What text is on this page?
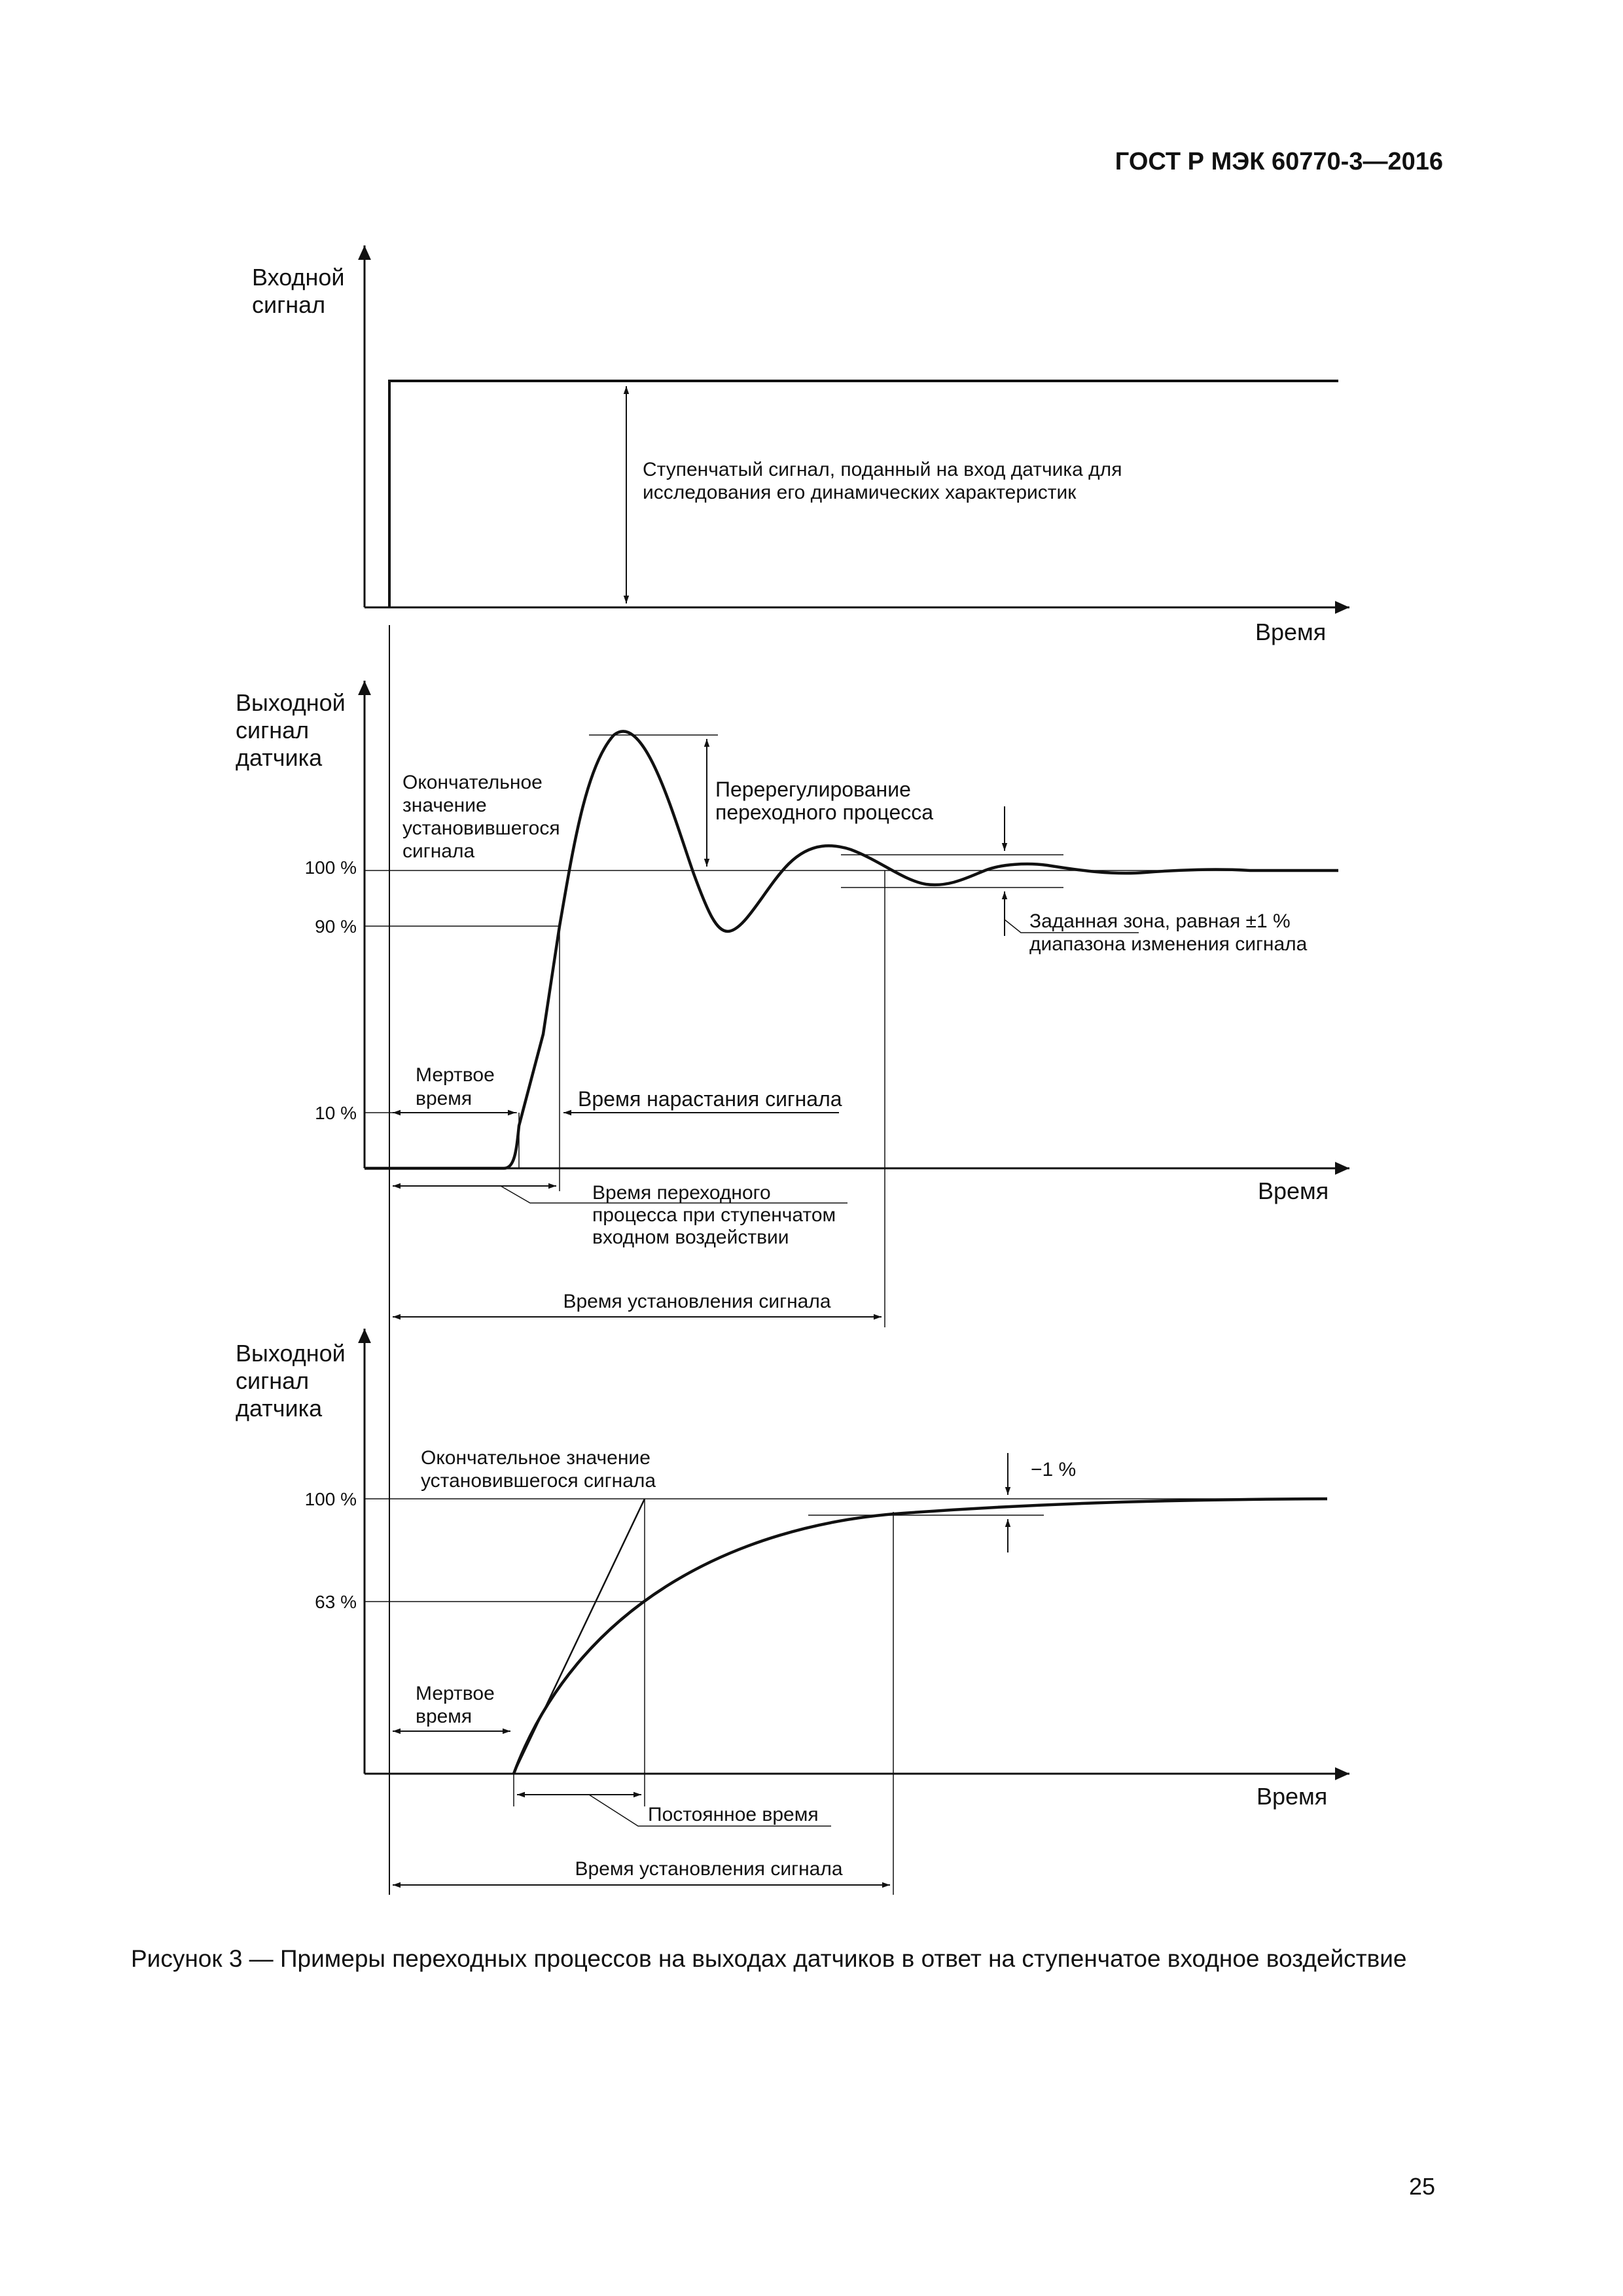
ГОСТ Р МЭК 60770-3—2016
Входной сигнал
Время
Ступенчатый сигнал, поданный на вход датчика для исследования его динамических характеристик
Выходной сигнал датчика
Время
100 %
90 %
10 %
Перерегулирование переходного процесса
Окончательное значение установившегося сигнала
Заданная зона, равная ±1 % диапазона изменения сигнала
Мертвое время	Время нарастания сигнала
Время переходного процесса при ступенчатом входном воздействии
Время установления сигнала
Выходной сигнал датчика
Время
100 %
63 %
Окончательное значение установившегося сигнала
−1 %
Мертвое время
Постоянное время
Время установления сигнала
Рисунок 3 — Примеры переходных процессов на выходах датчиков в ответ на ступенчатое входное воздействие
25
